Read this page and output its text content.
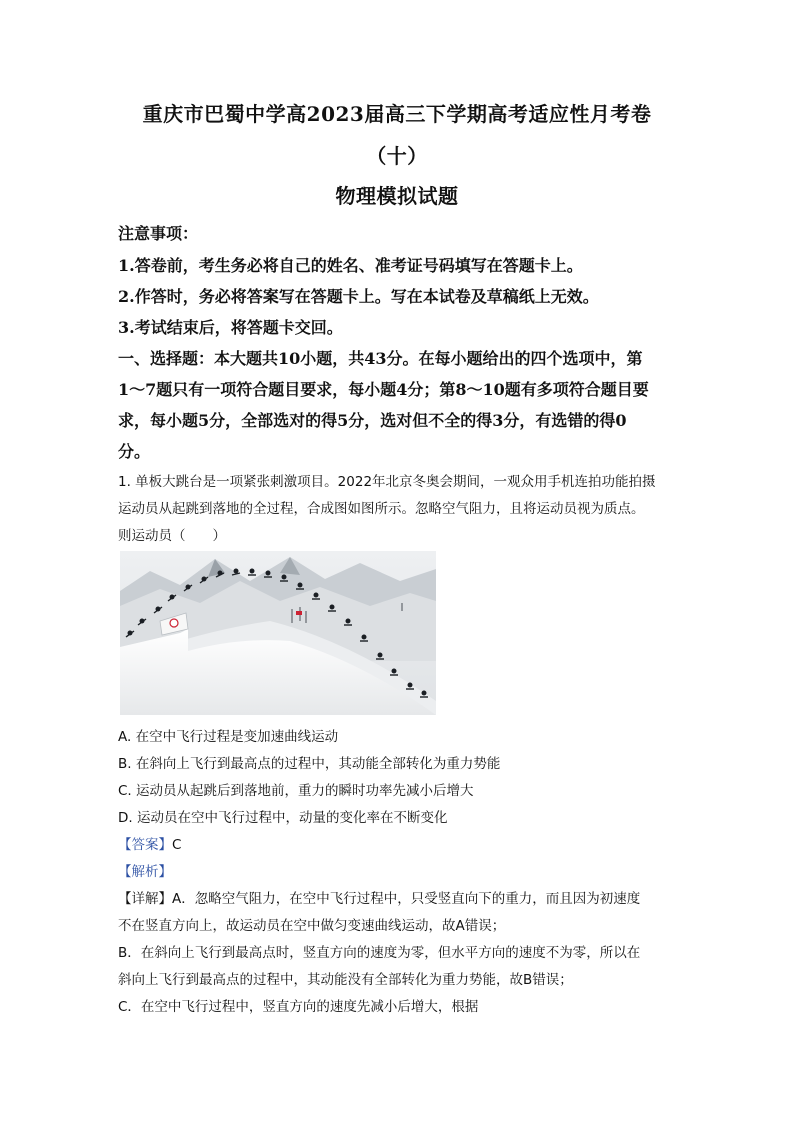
重庆市巴蜀中学高2023届高三下学期高考适应性月考卷
（十）
物理模拟试题
注意事项：
1.答卷前，考生务必将自己的姓名、准考证号码填写在答题卡上。
2.作答时，务必将答案写在答题卡上。写在本试卷及草稿纸上无效。
3.考试结束后，将答题卡交回。
一、选择题：本大题共10小题，共43分。在每小题给出的四个选项中，第
1～7题只有一项符合题目要求，每小题4分；第8～10题有多项符合题目要
求，每小题5分，全部选对的得5分，选对但不全的得3分，有选错的得0
分。
1. 单板大跳台是一项紧张刺激项目。2022年北京冬奥会期间，一观众用手机连拍功能拍摄
运动员从起跳到落地的全过程，合成图如图所示。忽略空气阻力，且将运动员视为质点。
则运动员（　　）
A. 在空中飞行过程是变加速曲线运动
B. 在斜向上飞行到最高点的过程中，其动能全部转化为重力势能
C. 运动员从起跳后到落地前，重力的瞬时功率先减小后增大
D. 运动员在空中飞行过程中，动量的变化率在不断变化
【答案】C
【解析】
【详解】A．忽略空气阻力，在空中飞行过程中，只受竖直向下的重力，而且因为初速度
不在竖直方向上，故运动员在空中做匀变速曲线运动，故A错误；
B．在斜向上飞行到最高点时，竖直方向的速度为零，但水平方向的速度不为零，所以在
斜向上飞行到最高点的过程中，其动能没有全部转化为重力势能，故B错误；
C．在空中飞行过程中，竖直方向的速度先减小后增大，根据
